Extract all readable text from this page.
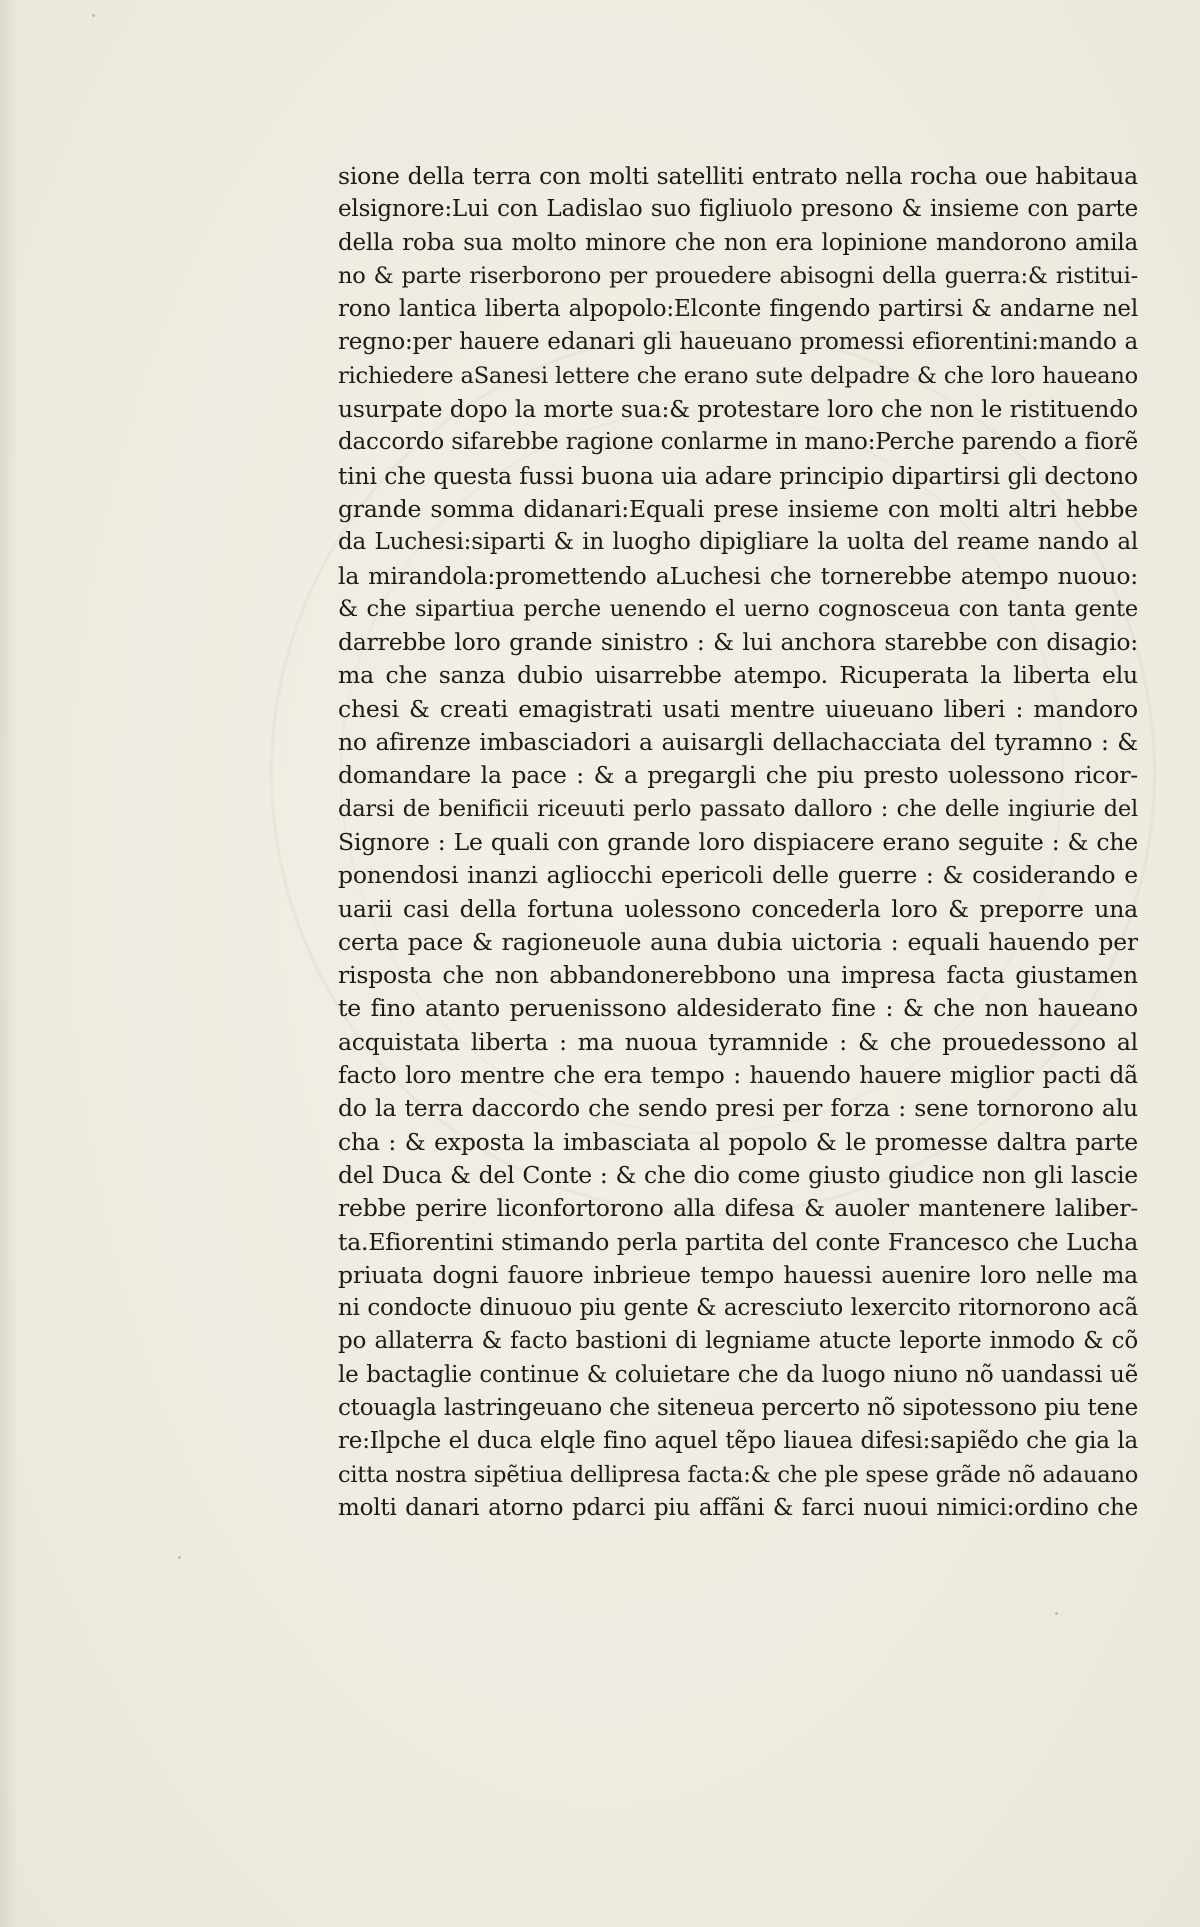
sione della terra con molti satelliti entrato nella rocha oue habitaua
elsignore:Lui con Ladislao suo figliuolo presono & insieme con parte
della roba sua molto minore che non era lopinione mandorono amila
no & parte riserborono per prouedere abisogni della guerra:& ristitui-
rono lantica liberta alpopolo:Elconte fingendo partirsi & andarne nel
regno:per hauere edanari gli haueuano promessi efiorentini:mando a
richiedere aSanesi lettere che erano sute delpadre & che loro haueano
usurpate dopo la morte sua:& protestare loro che non le ristituendo
daccordo sifarebbe ragione conlarme in mano:Perche parendo a fiorẽ
tini che questa fussi buona uia adare principio dipartirsi gli dectono
grande somma didanari:Equali prese insieme con molti altri hebbe
da Luchesi:siparti & in luogho dipigliare la uolta del reame nando al
la mirandola:promettendo aLuchesi che tornerebbe atempo nuouo:
& che sipartiua perche uenendo el uerno cognosceua con tanta gente
darrebbe loro grande sinistro : & lui anchora starebbe con disagio:
ma che sanza dubio uisarrebbe atempo. Ricuperata la liberta elu
chesi & creati emagistrati usati mentre uiueuano liberi : mandoro
no afirenze imbasciadori a auisargli dellachacciata del tyramno : &
domandare la pace : & a pregargli che piu presto uolessono ricor-
darsi de benificii riceuuti perlo passato dalloro : che delle ingiurie del
Signore : Le quali con grande loro dispiacere erano seguite : & che
ponendosi inanzi agliocchi epericoli delle guerre : & cosiderando e
uarii casi della fortuna uolessono concederla loro & preporre una
certa pace & ragioneuole auna dubia uictoria : equali hauendo per
risposta che non abbandonerebbono una impresa facta giustamen
te fino atanto peruenissono aldesiderato fine : & che non haueano
acquistata liberta : ma nuoua tyramnide : & che prouedessono al
facto loro mentre che era tempo : hauendo hauere miglior pacti dã
do la terra daccordo che sendo presi per forza : sene tornorono alu
cha : & exposta la imbasciata al popolo & le promesse daltra parte
del Duca & del Conte : & che dio come giusto giudice non gli lascie
rebbe perire liconfortorono alla difesa & auoler mantenere laliber-
ta.Efiorentini stimando perla partita del conte Francesco che Lucha
priuata dogni fauore inbrieue tempo hauessi auenire loro nelle ma
ni condocte dinuouo piu gente & acresciuto lexercito ritornorono acã
po allaterra & facto bastioni di legniame atucte leporte inmodo & cõ
le bactaglie continue & coluietare che da luogo niuno nõ uandassi uẽ
ctouagla lastringeuano che siteneua percerto nõ sipotessono piu tene
re:Ilpche el duca elqle fino aquel tẽpo liauea difesi:sapiẽdo che gia la
citta nostra sipẽtiua dellipresa facta:& che ple spese grãde nõ adauano
molti danari atorno pdarci piu affãni & farci nuoui nimici:ordino che
